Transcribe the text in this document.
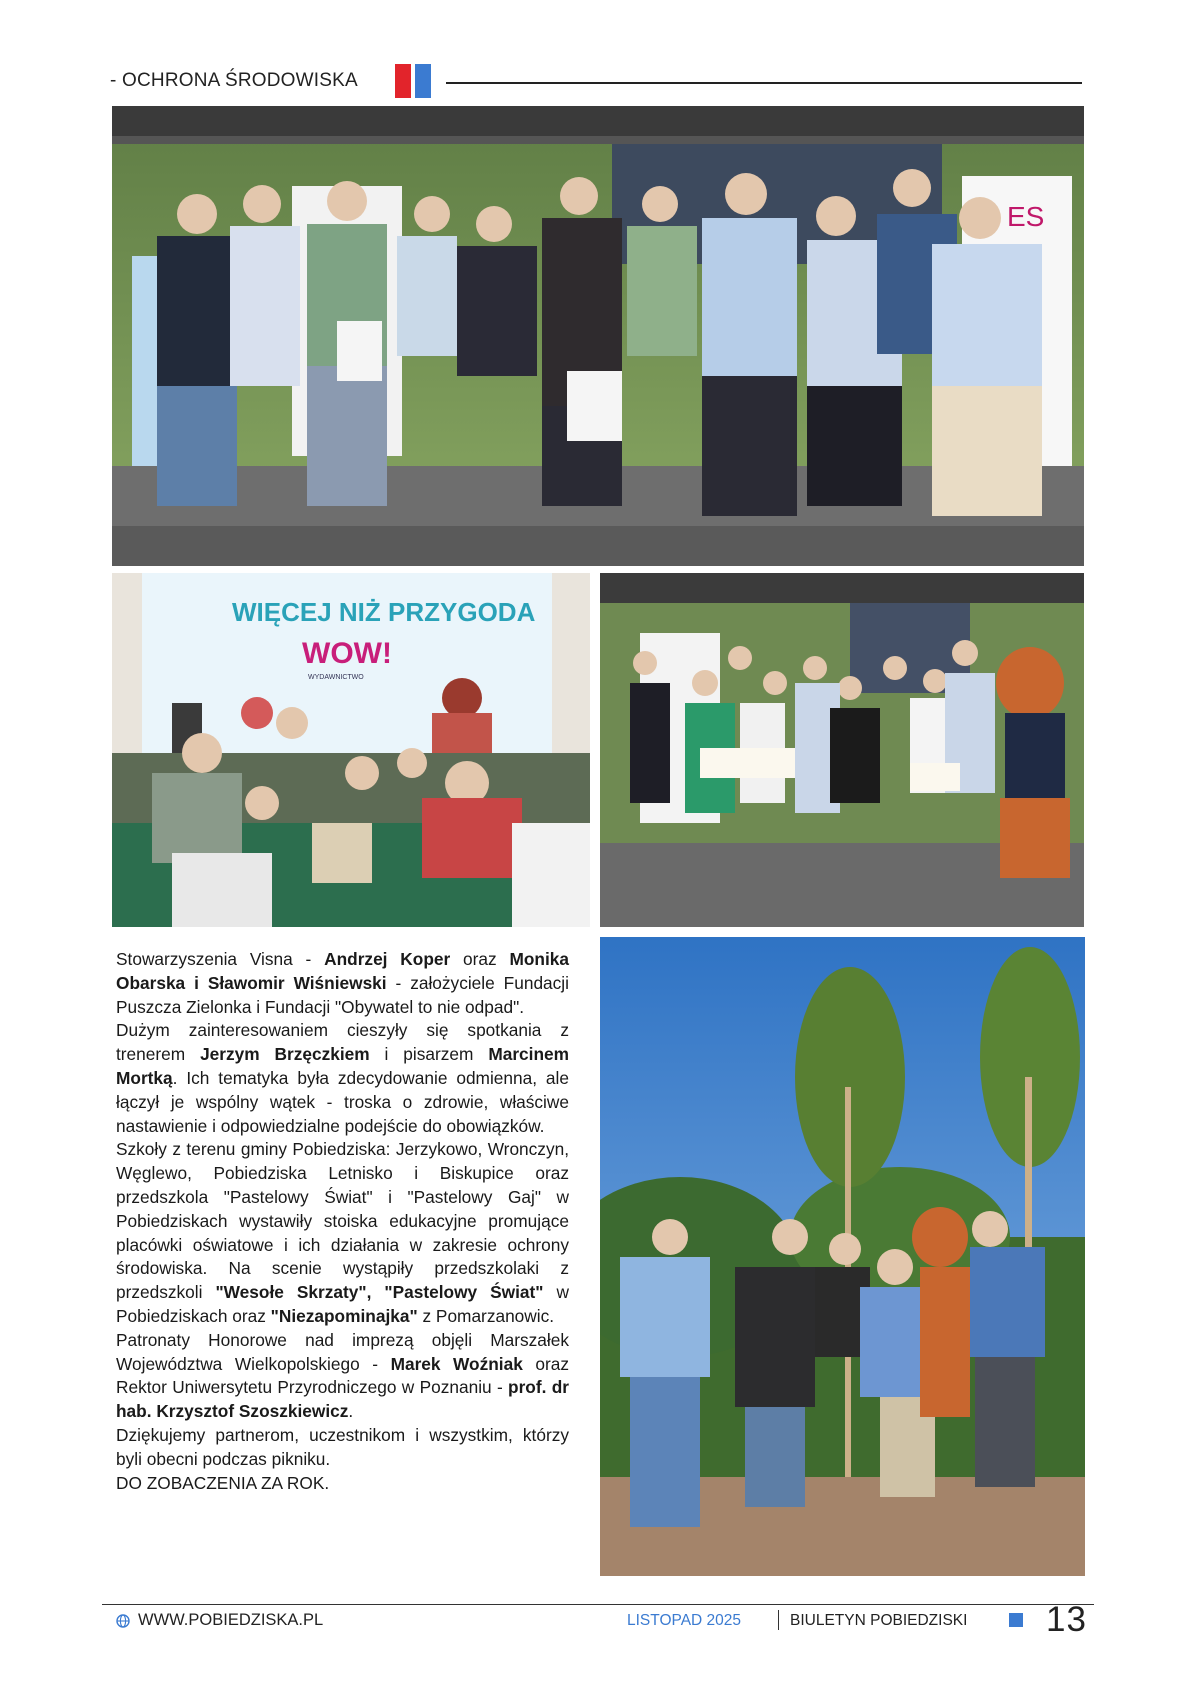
- OCHRONA ŚRODOWISKA
ES
WIĘCEJ NIŻ PRZYGODA
WOW!
WYDAWNICTWO

Stowarzyszenia Visna - Andrzej Koper oraz Monika Obarska i Sławomir Wiśniewski - założyciele Fundacji Puszcza Zielonka i Fundacji "Obywatel to nie odpad".

Dużym zainteresowaniem cieszyły się spotkania z trenerem Jerzym Brzęczkiem i pisarzem Marcinem Mortką. Ich tematyka była zdecydowanie odmienna, ale łączył je wspólny wątek - troska o zdrowie, właściwe nastawienie i odpowiedzialne podejście do obowiązków.

Szkoły z terenu gminy Pobiedziska: Jerzykowo, Wronczyn, Węglewo, Pobiedziska Letnisko i Biskupice oraz przedszkola "Pastelowy Świat" i "Pastelowy Gaj" w Pobiedziskach wystawiły stoiska edukacyjne promujące placówki oświatowe i ich działania w zakresie ochrony środowiska. Na scenie wystąpiły przedszkolaki z przedszkoli "Wesołe Skrzaty", "Pastelowy Świat" w Pobiedziskach oraz "Niezapominajka" z Pomarzanowic.

Patronaty Honorowe nad imprezą objęli Marszałek Województwa Wielkopolskiego - Marek Woźniak oraz Rektor Uniwersytetu Przyrodniczego w Poznaniu - prof. dr hab. Krzysztof Szoszkiewicz.

Dziękujemy partnerom, uczestnikom i wszystkim, którzy byli obecni podczas pikniku.

DO ZOBACZENIA ZA ROK.

WWW.POBIEDZISKA.PL	LISTOPAD 2025	BIULETYN POBIEDZISKI 13
